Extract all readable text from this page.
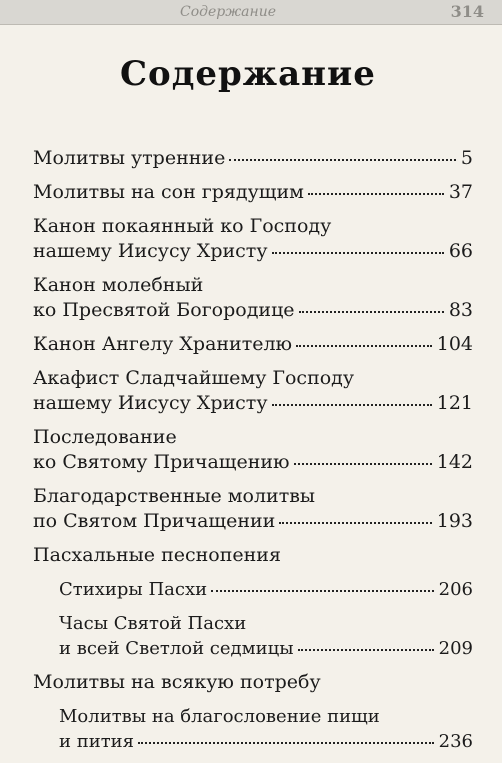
Содержание	314
Содержание
Молитвы утренние	5
Молитвы на сон грядущим	37
Канон покаянный ко Господу
нашему Иисусу Христу	66
Канон молебный
ко Пресвятой Богородице	83
Канон Ангелу Хранителю	104
Акафист Сладчайшему Господу
нашему Иисусу Христу	121
Последование
ко Святому Причащению	142
Благодарственные молитвы
по Святом Причащении	193
Пасхальные песнопения
Стихиры Пасхи	206
Часы Святой Пасхи
и всей Светлой седмицы	209
Молитвы на всякую потребу
Молитвы на благословение пищи
и пития	236
